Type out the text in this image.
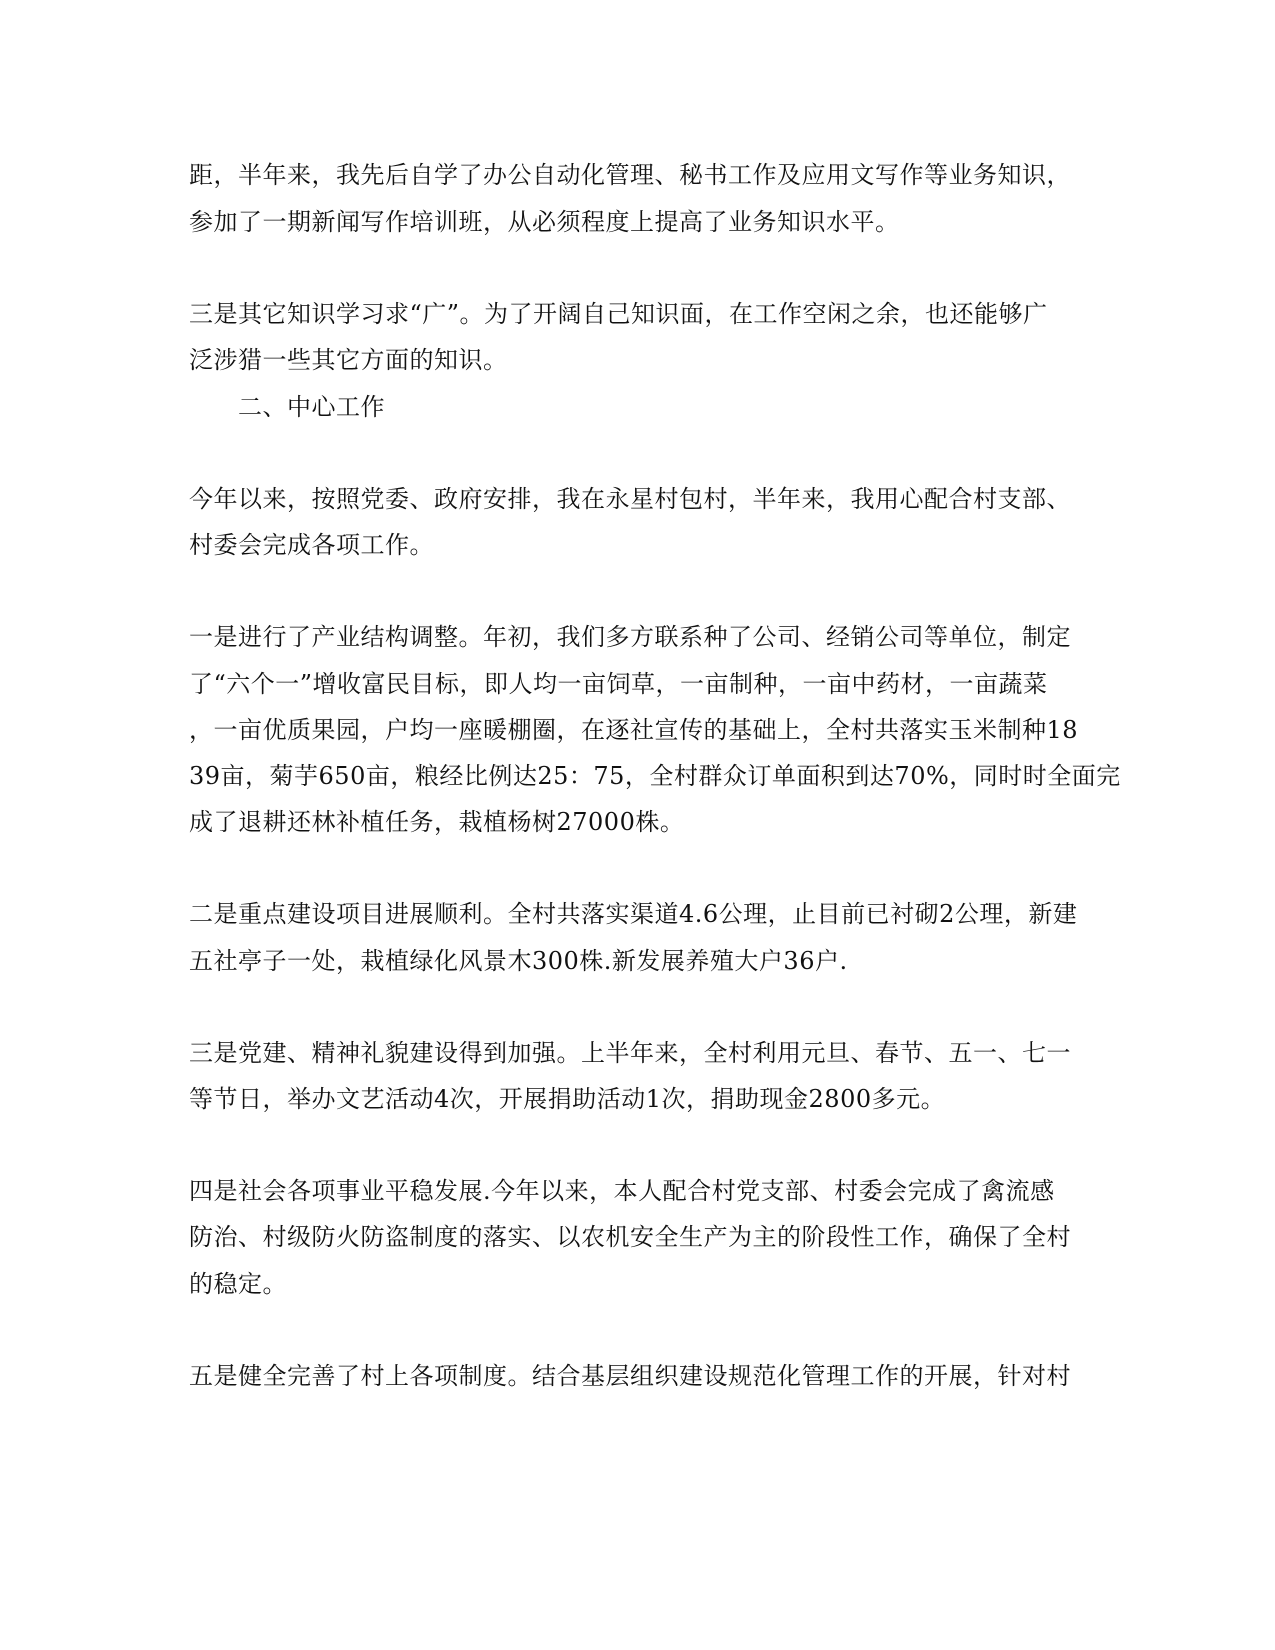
距，半年来，我先后自学了办公自动化管理、秘书工作及应用文写作等业务知识，
参加了一期新闻写作培训班，从必须程度上提高了业务知识水平。
三是其它知识学习求“广”。为了开阔自己知识面，在工作空闲之余，也还能够广
泛涉猎一些其它方面的知识。
二、中心工作
今年以来，按照党委、政府安排，我在永星村包村，半年来，我用心配合村支部、
村委会完成各项工作。
一是进行了产业结构调整。年初，我们多方联系种了公司、经销公司等单位，制定
了“六个一”增收富民目标，即人均一亩饲草，一亩制种，一亩中药材，一亩蔬菜
，一亩优质果园，户均一座暖棚圈，在逐社宣传的基础上，全村共落实玉米制种18
39亩，菊芋650亩，粮经比例达25：75，全村群众订单面积到达70%，同时时全面完
成了退耕还林补植任务，栽植杨树27000株。
二是重点建设项目进展顺利。全村共落实渠道4.6公理，止目前已衬砌2公理，新建
五社亭子一处，栽植绿化风景木300株.新发展养殖大户36户.
三是党建、精神礼貌建设得到加强。上半年来，全村利用元旦、春节、五一、七一
等节日，举办文艺活动4次，开展捐助活动1次，捐助现金2800多元。
四是社会各项事业平稳发展.今年以来，本人配合村党支部、村委会完成了禽流感
防治、村级防火防盗制度的落实、以农机安全生产为主的阶段性工作，确保了全村
的稳定。
五是健全完善了村上各项制度。结合基层组织建设规范化管理工作的开展，针对村
